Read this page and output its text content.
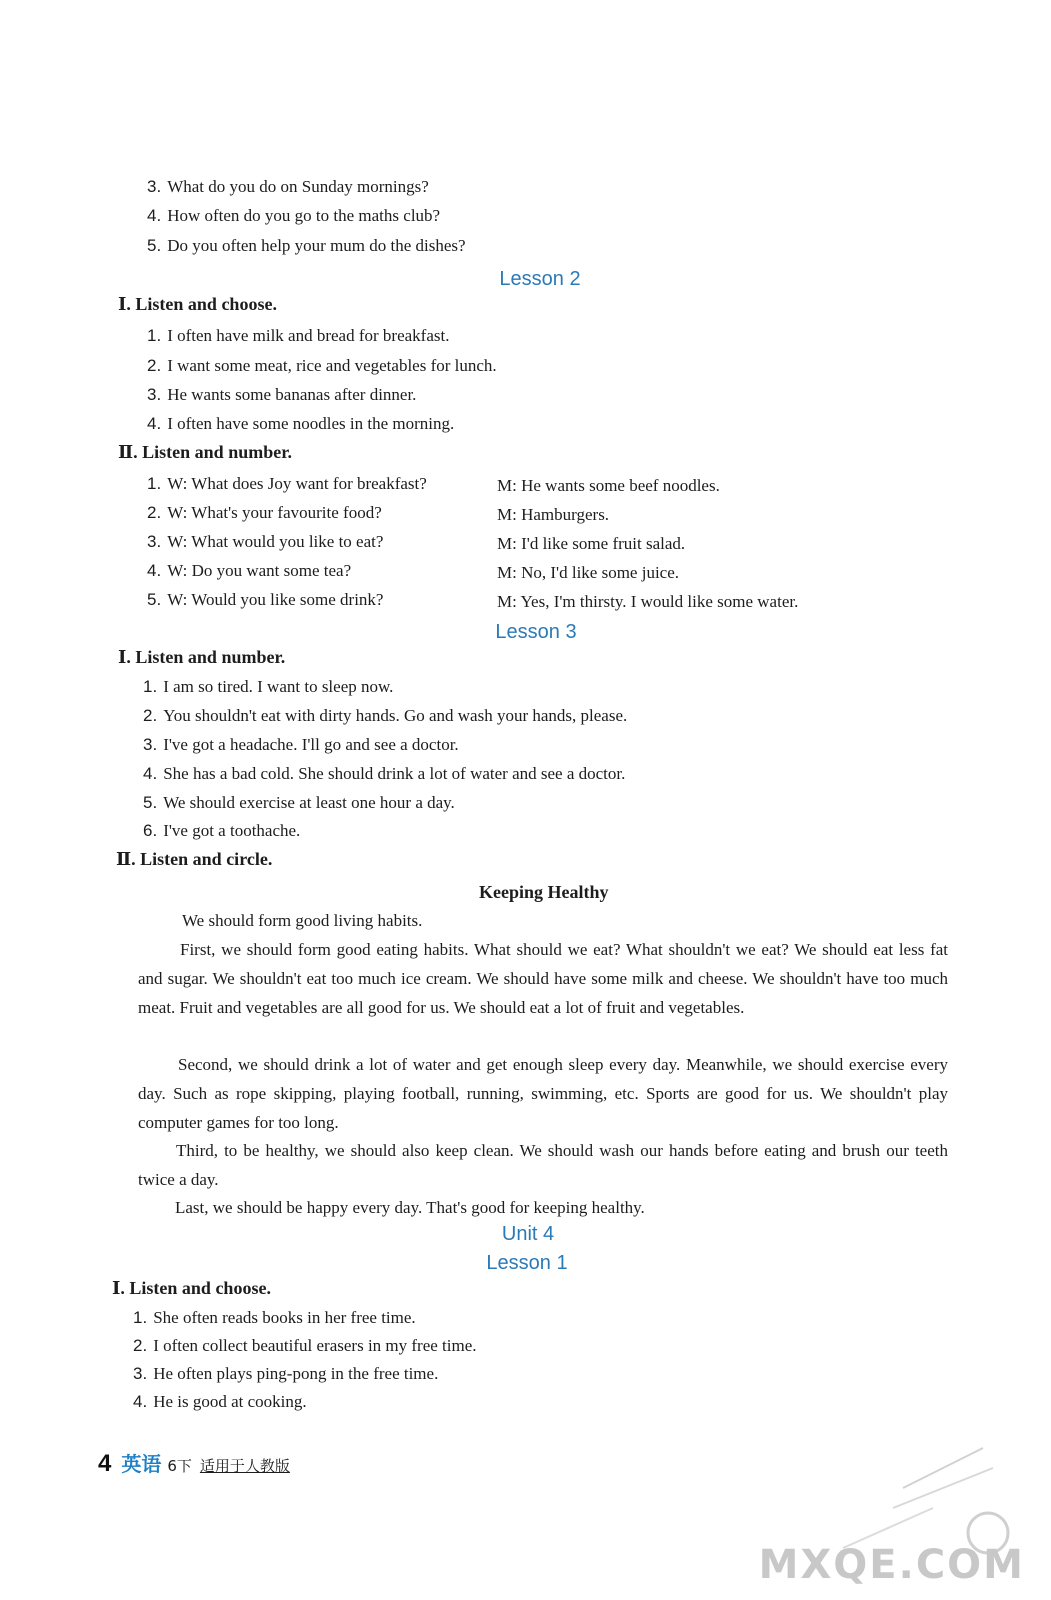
3. What do you do on Sunday mornings?
4. How often do you go to the maths club?
5. Do you often help your mum do the dishes?
Lesson 2
Ⅰ. Listen and choose.
1. I often have milk and bread for breakfast.
2. I want some meat, rice and vegetables for lunch.
3. He wants some bananas after dinner.
4. I often have some noodles in the morning.
Ⅱ. Listen and number.
1. W: What does Joy want for breakfast?	M: He wants some beef noodles.
2. W: What's your favourite food?	M: Hamburgers.
3. W: What would you like to eat?	M: I'd like some fruit salad.
4. W: Do you want some tea?	M: No, I'd like some juice.
5. W: Would you like some drink?	M: Yes, I'm thirsty. I would like some water.
Lesson 3
Ⅰ. Listen and number.
1. I am so tired. I want to sleep now.
2. You shouldn't eat with dirty hands. Go and wash your hands, please.
3. I've got a headache. I'll go and see a doctor.
4. She has a bad cold. She should drink a lot of water and see a doctor.
5. We should exercise at least one hour a day.
6. I've got a toothache.
Ⅱ. Listen and circle.
Keeping Healthy

We should form good living habits.

First, we should form good eating habits. What should we eat? What shouldn't we eat? We should eat less fat and sugar. We shouldn't eat too much ice cream. We should have some milk and cheese. We shouldn't have too much meat. Fruit and vegetables are all good for us. We should eat a lot of fruit and vegetables.

Second, we should drink a lot of water and get enough sleep every day. Meanwhile, we should exercise every day. Such as rope skipping, playing football, running, swimming, etc. Sports are good for us. We shouldn't play computer games for too long.

Third, to be healthy, we should also keep clean. We should wash our hands before eating and brush our teeth twice a day.

Last, we should be happy every day. That's good for keeping healthy.

Unit 4
Lesson 1
Ⅰ. Listen and choose.
1. She often reads books in her free time.
2. I often collect beautiful erasers in my free time.
3. He often plays ping-pong in the free time.
4. He is good at cooking.
4 英语 6下 适用于人教版
MXQE.COM
